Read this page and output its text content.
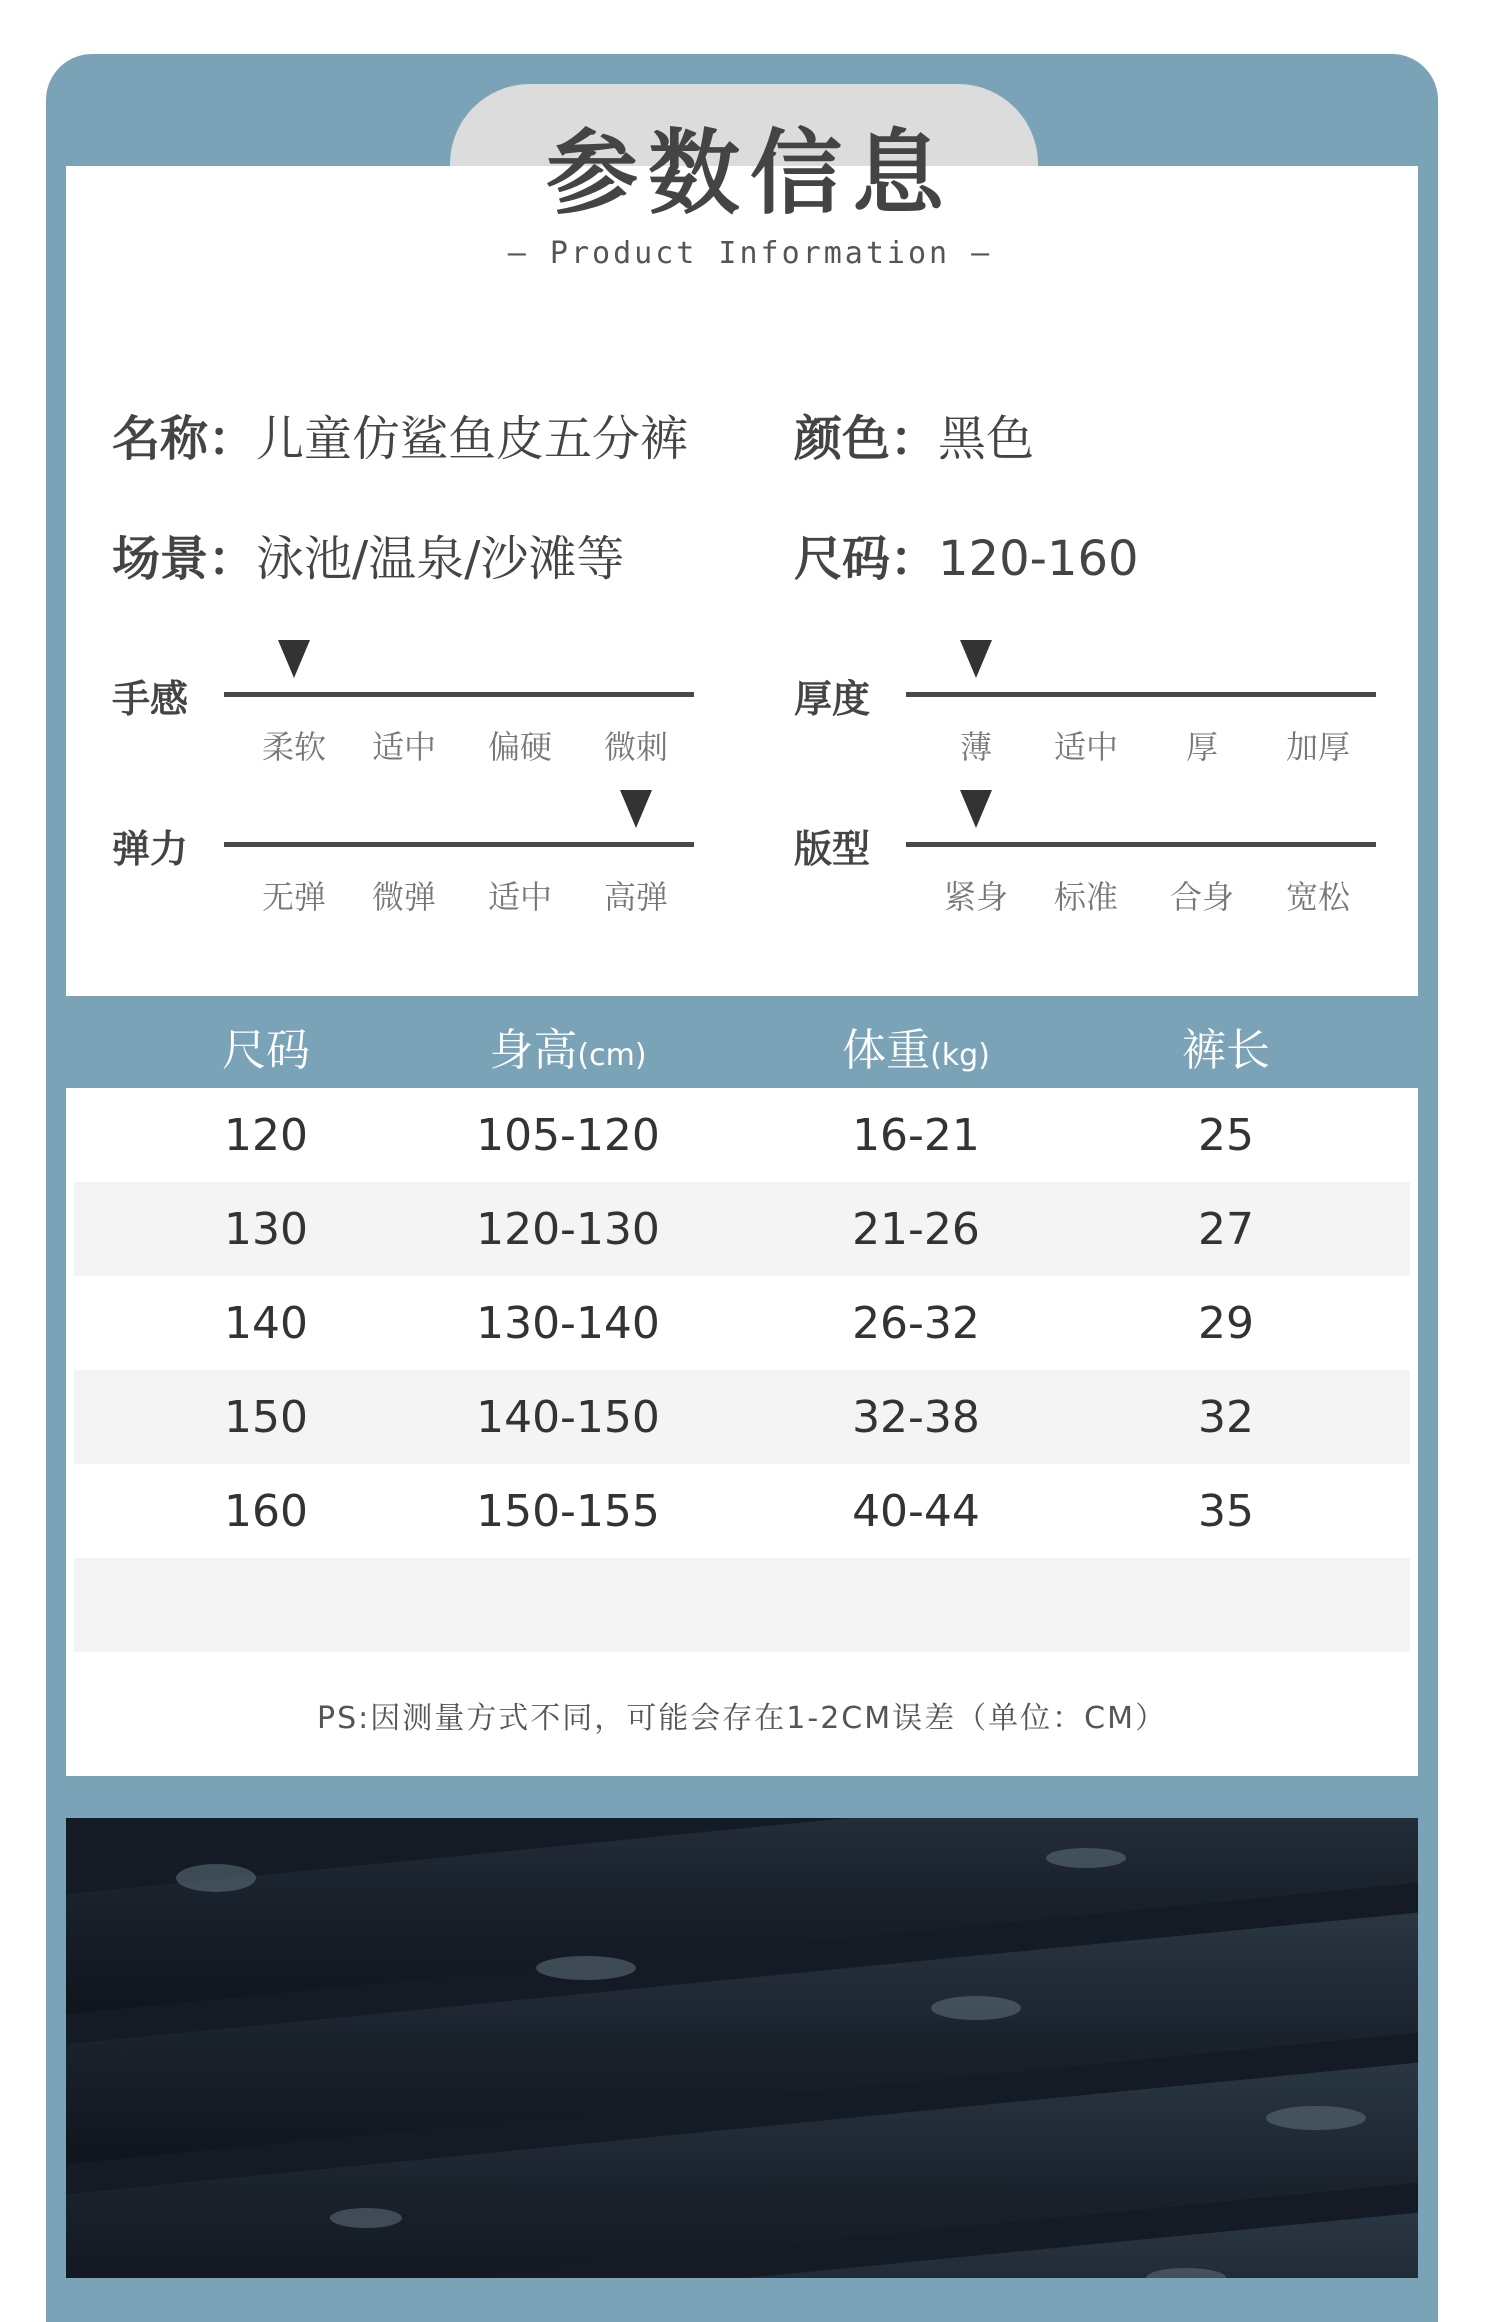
参数信息
— Product Information —
名称：儿童仿鲨鱼皮五分裤 颜色：黑色
场景：泳池/温泉/沙滩等	尺码：120-160
手感
柔软	适中	偏硬	微刺
厚度
薄	适中	厚	加厚
弹力
无弹	微弹	适中	高弹
版型
紧身	标准	合身	宽松
尺码	身高(cm)	体重(kg)	裤长
120	105-120	16-21	25
130	120-130	21-26	27
140	130-140	26-32	29
150	140-150	32-38	32
160	150-155	40-44	35
PS:因测量方式不同，可能会存在1-2CM误差（单位：CM）
